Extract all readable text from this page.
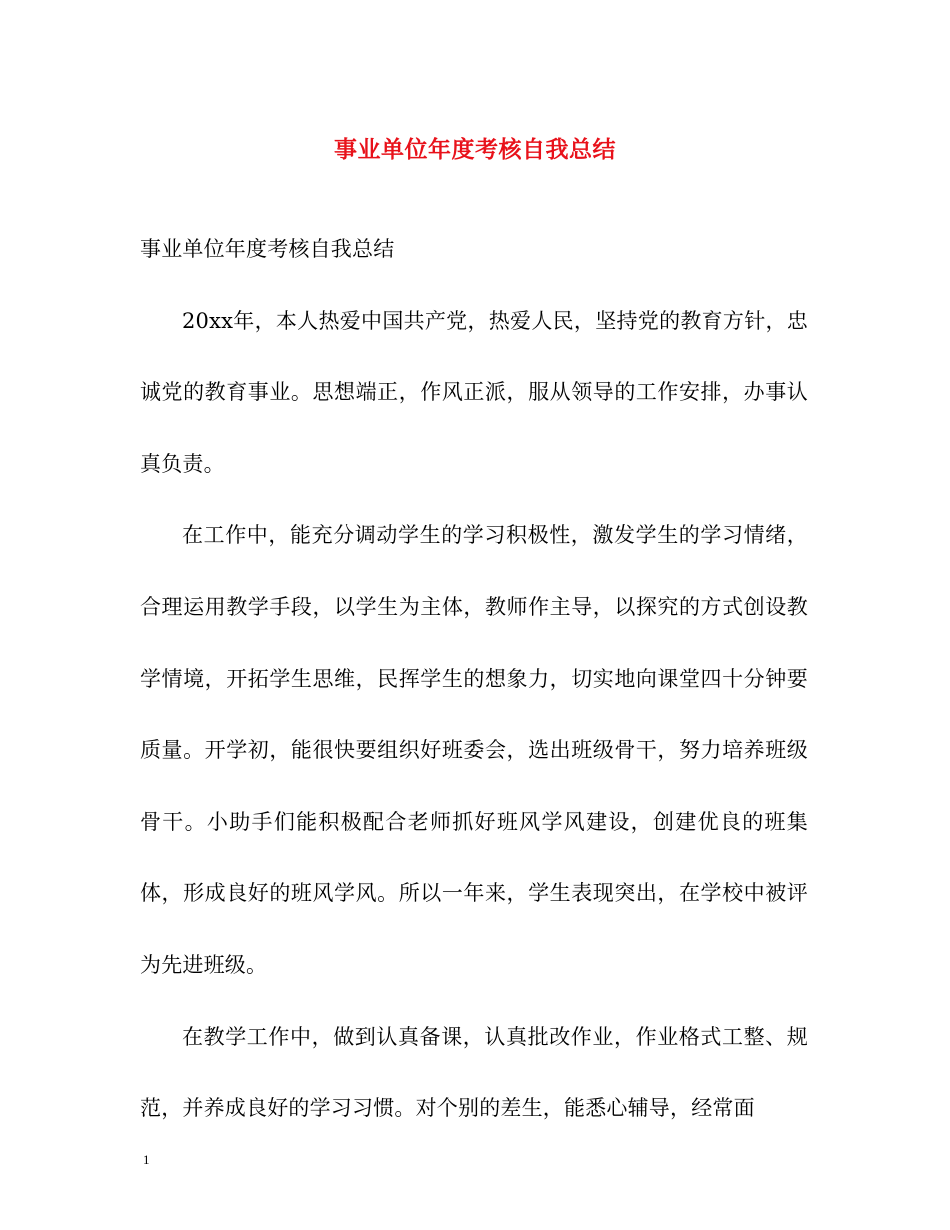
事业单位年度考核自我总结

事业单位年度考核自我总结

20xx年，本人热爱中国共产党，热爱人民，坚持党的教育方针，忠诚党的教育事业。思想端正，作风正派，服从领导的工作安排，办事认真负责。

在工作中，能充分调动学生的学习积极性，激发学生的学习情绪，合理运用教学手段，以学生为主体，教师作主导，以探究的方式创设教学情境，开拓学生思维，民挥学生的想象力，切实地向课堂四十分钟要质量。开学初，能很快要组织好班委会，选出班级骨干，努力培养班级骨干。小助手们能积极配合老师抓好班风学风建设，创建优良的班集体，形成良好的班风学风。所以一年来，学生表现突出，在学校中被评为先进班级。

在教学工作中，做到认真备课，认真批改作业，作业格式工整、规范，并养成良好的学习习惯。对个别的差生，能悉心辅导，经常面

1
